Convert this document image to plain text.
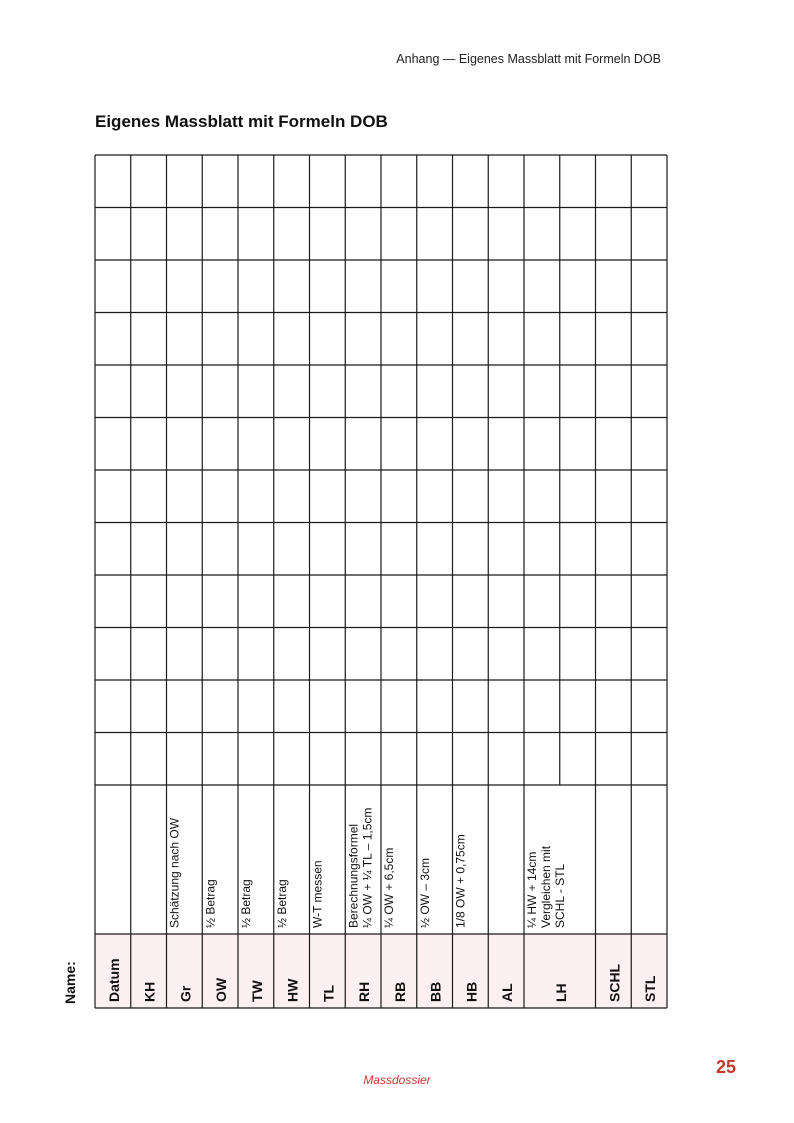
Anhang — Eigenes Massblatt mit Formeln DOB
Eigenes Massblatt mit Formeln DOB
Datum KH Gr
Schätzung nach OW
OW
½ Betrag
TW
½ Betrag
HW
½ Betrag
TL
W-T messen
RH
Berechnungsformel ¼ OW + ¼ TL – 1,5cm
RB
¼ OW + 6,5cm
BB
½ OW – 3cm
HB
1/8 OW + 0,75cm
AL	LH
¼ HW + 14cm Vergleichen mit SCHL - STL
SCHL STL
Name:
Massdossier
25
